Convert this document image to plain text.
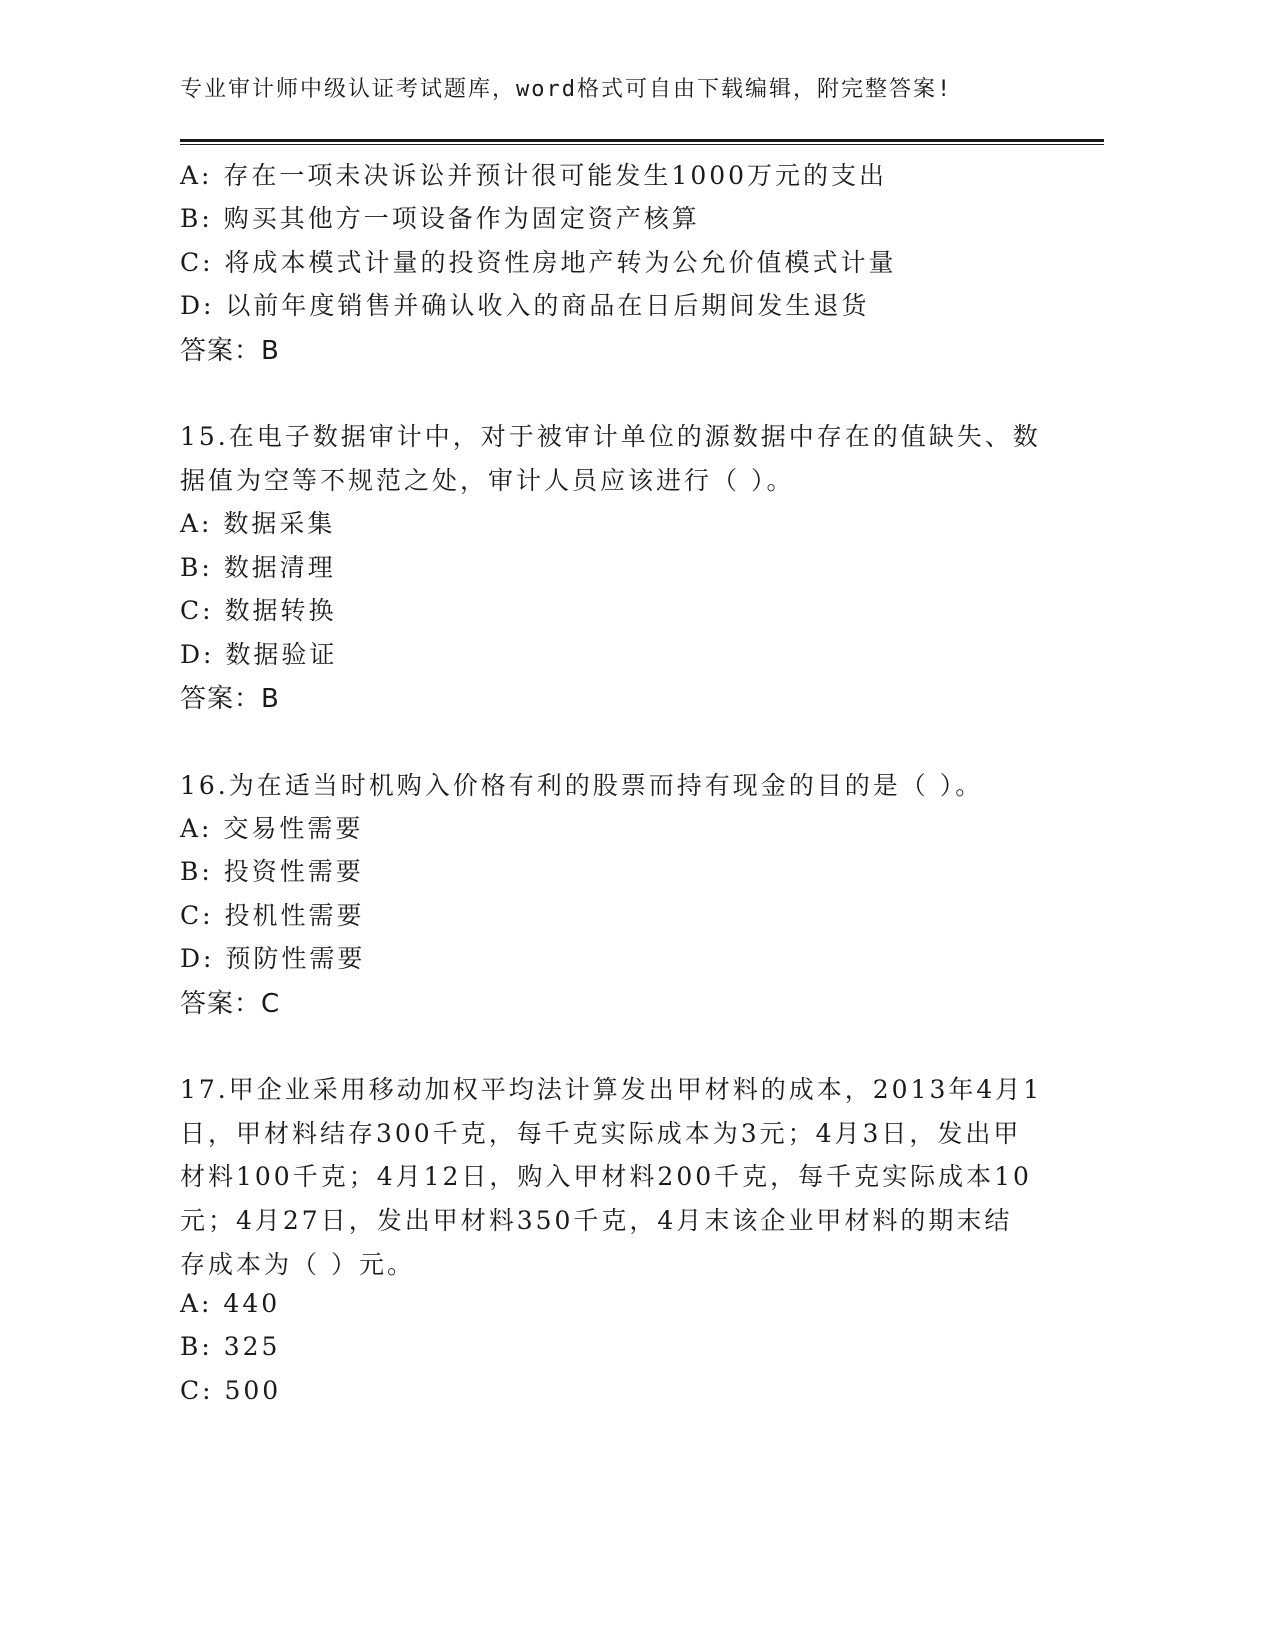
专业审计师中级认证考试题库，word格式可自由下载编辑，附完整答案!
A: 存在一项未决诉讼并预计很可能发生1000万元的支出
B: 购买其他方一项设备作为固定资产核算
C: 将成本模式计量的投资性房地产转为公允价值模式计量
D: 以前年度销售并确认收入的商品在日后期间发生退货
答案：B
15.在电子数据审计中，对于被审计单位的源数据中存在的值缺失、数
据值为空等不规范之处，审计人员应该进行（ ）。
A: 数据采集
B: 数据清理
C: 数据转换
D: 数据验证
答案：B
16.为在适当时机购入价格有利的股票而持有现金的目的是（ ）。
A: 交易性需要
B: 投资性需要
C: 投机性需要
D: 预防性需要
答案：C
17.甲企业采用移动加权平均法计算发出甲材料的成本，2013年4月1
日，甲材料结存300千克，每千克实际成本为3元；4月3日，发出甲
材料100千克；4月12日，购入甲材料200千克，每千克实际成本10
元；4月27日，发出甲材料350千克，4月末该企业甲材料的期末结
存成本为（ ）元。
A: 440
B: 325
C: 500
